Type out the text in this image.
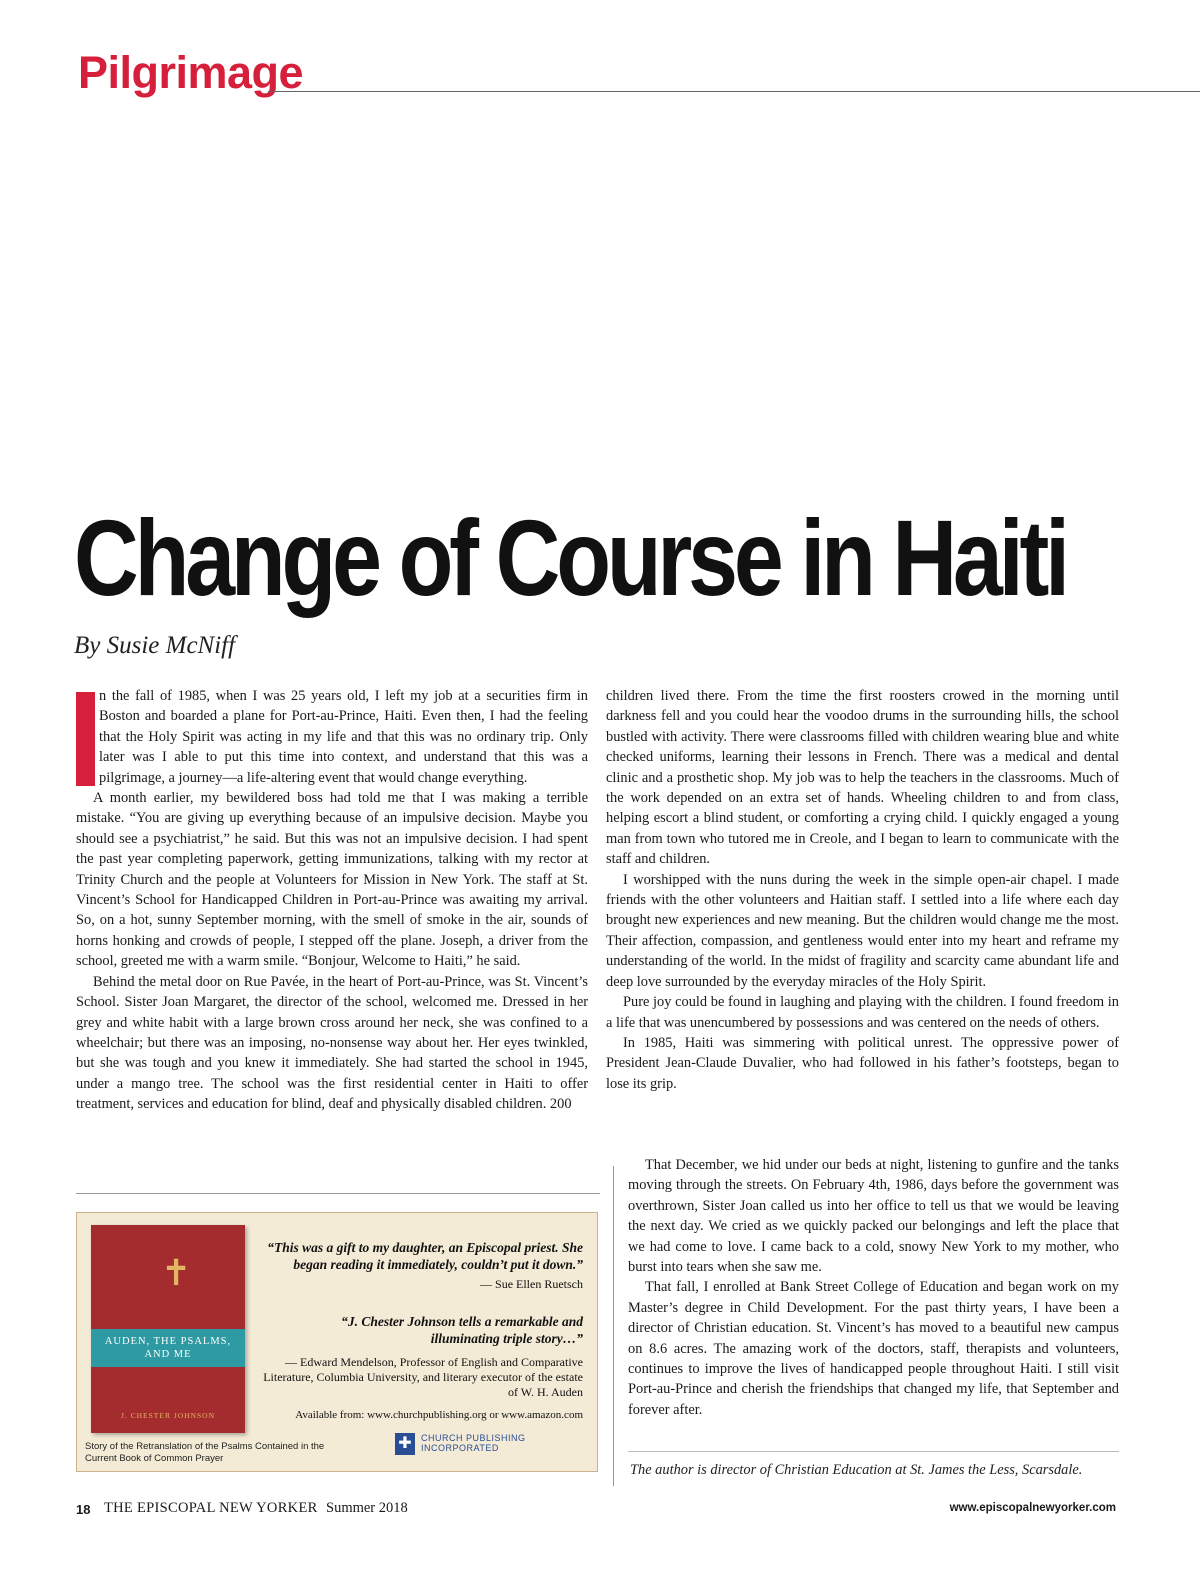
Pilgrimage
Change of Course in Haiti

By Susie McNiff

n the fall of 1985, when I was 25 years old, I left my job at a securities firm in Boston and boarded a plane for Port-au-Prince, Haiti. Even then, I had the feeling that the Holy Spirit was acting in my life and that this was no ordinary trip. Only later was I able to put this time into context, and understand that this was a pilgrimage, a journey—a life-altering event that would change everything.

A month earlier, my bewildered boss had told me that I was making a terrible mistake. “You are giving up everything because of an impulsive decision. Maybe you should see a psychiatrist,” he said. But this was not an impulsive decision. I had spent the past year completing paperwork, getting immunizations, talking with my rector at Trinity Church and the people at Volunteers for Mission in New York. The staff at St. Vincent’s School for Handicapped Children in Port-au-Prince was awaiting my arrival. So, on a hot, sunny September morning, with the smell of smoke in the air, sounds of horns honking and crowds of people, I stepped off the plane. Joseph, a driver from the school, greeted me with a warm smile. “Bonjour, Welcome to Haiti,” he said.

Behind the metal door on Rue Pavée, in the heart of Port-au-Prince, was St. Vincent’s School. Sister Joan Margaret, the director of the school, welcomed me. Dressed in her grey and white habit with a large brown cross around her neck, she was confined to a wheelchair; but there was an imposing, no-nonsense way about her. Her eyes twinkled, but she was tough and you knew it immediately. She had started the school in 1945, under a mango tree. The school was the first residential center in Haiti to offer treatment, services and education for blind, deaf and physically disabled children. 200

children lived there. From the time the first roosters crowed in the morning until darkness fell and you could hear the voodoo drums in the surrounding hills, the school bustled with activity. There were classrooms filled with children wearing blue and white checked uniforms, learning their lessons in French. There was a medical and dental clinic and a prosthetic shop. My job was to help the teachers in the classrooms. Much of the work depended on an extra set of hands. Wheeling children to and from class, helping escort a blind student, or comforting a crying child. I quickly engaged a young man from town who tutored me in Creole, and I began to learn to communicate with the staff and children.

I worshipped with the nuns during the week in the simple open-air chapel. I made friends with the other volunteers and Haitian staff. I settled into a life where each day brought new experiences and new meaning. But the children would change me the most. Their affection, compassion, and gentleness would enter into my heart and reframe my understanding of the world. In the midst of fragility and scarcity came abundant life and deep love surrounded by the everyday miracles of the Holy Spirit.

Pure joy could be found in laughing and playing with the children. I found freedom in a life that was unencumbered by possessions and was centered on the needs of others.

In 1985, Haiti was simmering with political unrest. The oppressive power of President Jean-Claude Duvalier, who had followed in his father’s footsteps, began to lose its grip.

That December, we hid under our beds at night, listening to gunfire and the tanks moving through the streets. On February 4th, 1986, days before the government was overthrown, Sister Joan called us into her office to tell us that we would be leaving the next day. We cried as we quickly packed our belongings and left the place that we had come to love. I came back to a cold, snowy New York to my mother, who burst into tears when she saw me.

That fall, I enrolled at Bank Street College of Education and began work on my Master’s degree in Child Development. For the past thirty years, I have been a director of Christian education. St. Vincent’s has moved to a beautiful new campus on 8.6 acres. The amazing work of the doctors, staff, therapists and volunteers, continues to improve the lives of handicapped people throughout Haiti. I still visit Port-au-Prince and cherish the friendships that changed my life, that September and forever after.

✝
AUDEN, THE PSALMS, AND ME
J. CHESTER JOHNSON
“This was a gift to my daughter, an Episcopal priest. She began reading it immediately, couldn’t put it down.”
— Sue Ellen Ruetsch
“J. Chester Johnson tells a remarkable and illuminating triple story…”
— Edward Mendelson, Professor of English and Comparative Literature, Columbia University, and literary executor of the estate of W. H. Auden
Available from: www.churchpublishing.org or www.amazon.com
Story of the Retranslation of the Psalms Contained in the Current Book of Common Prayer
✚	CHURCH PUBLISHING INCORPORATED

The author is director of Christian Education at St. James the Less, Scarsdale.

18 THE EPISCOPAL NEW YORKER Summer 2018	www.episcopalnewyorker.com
